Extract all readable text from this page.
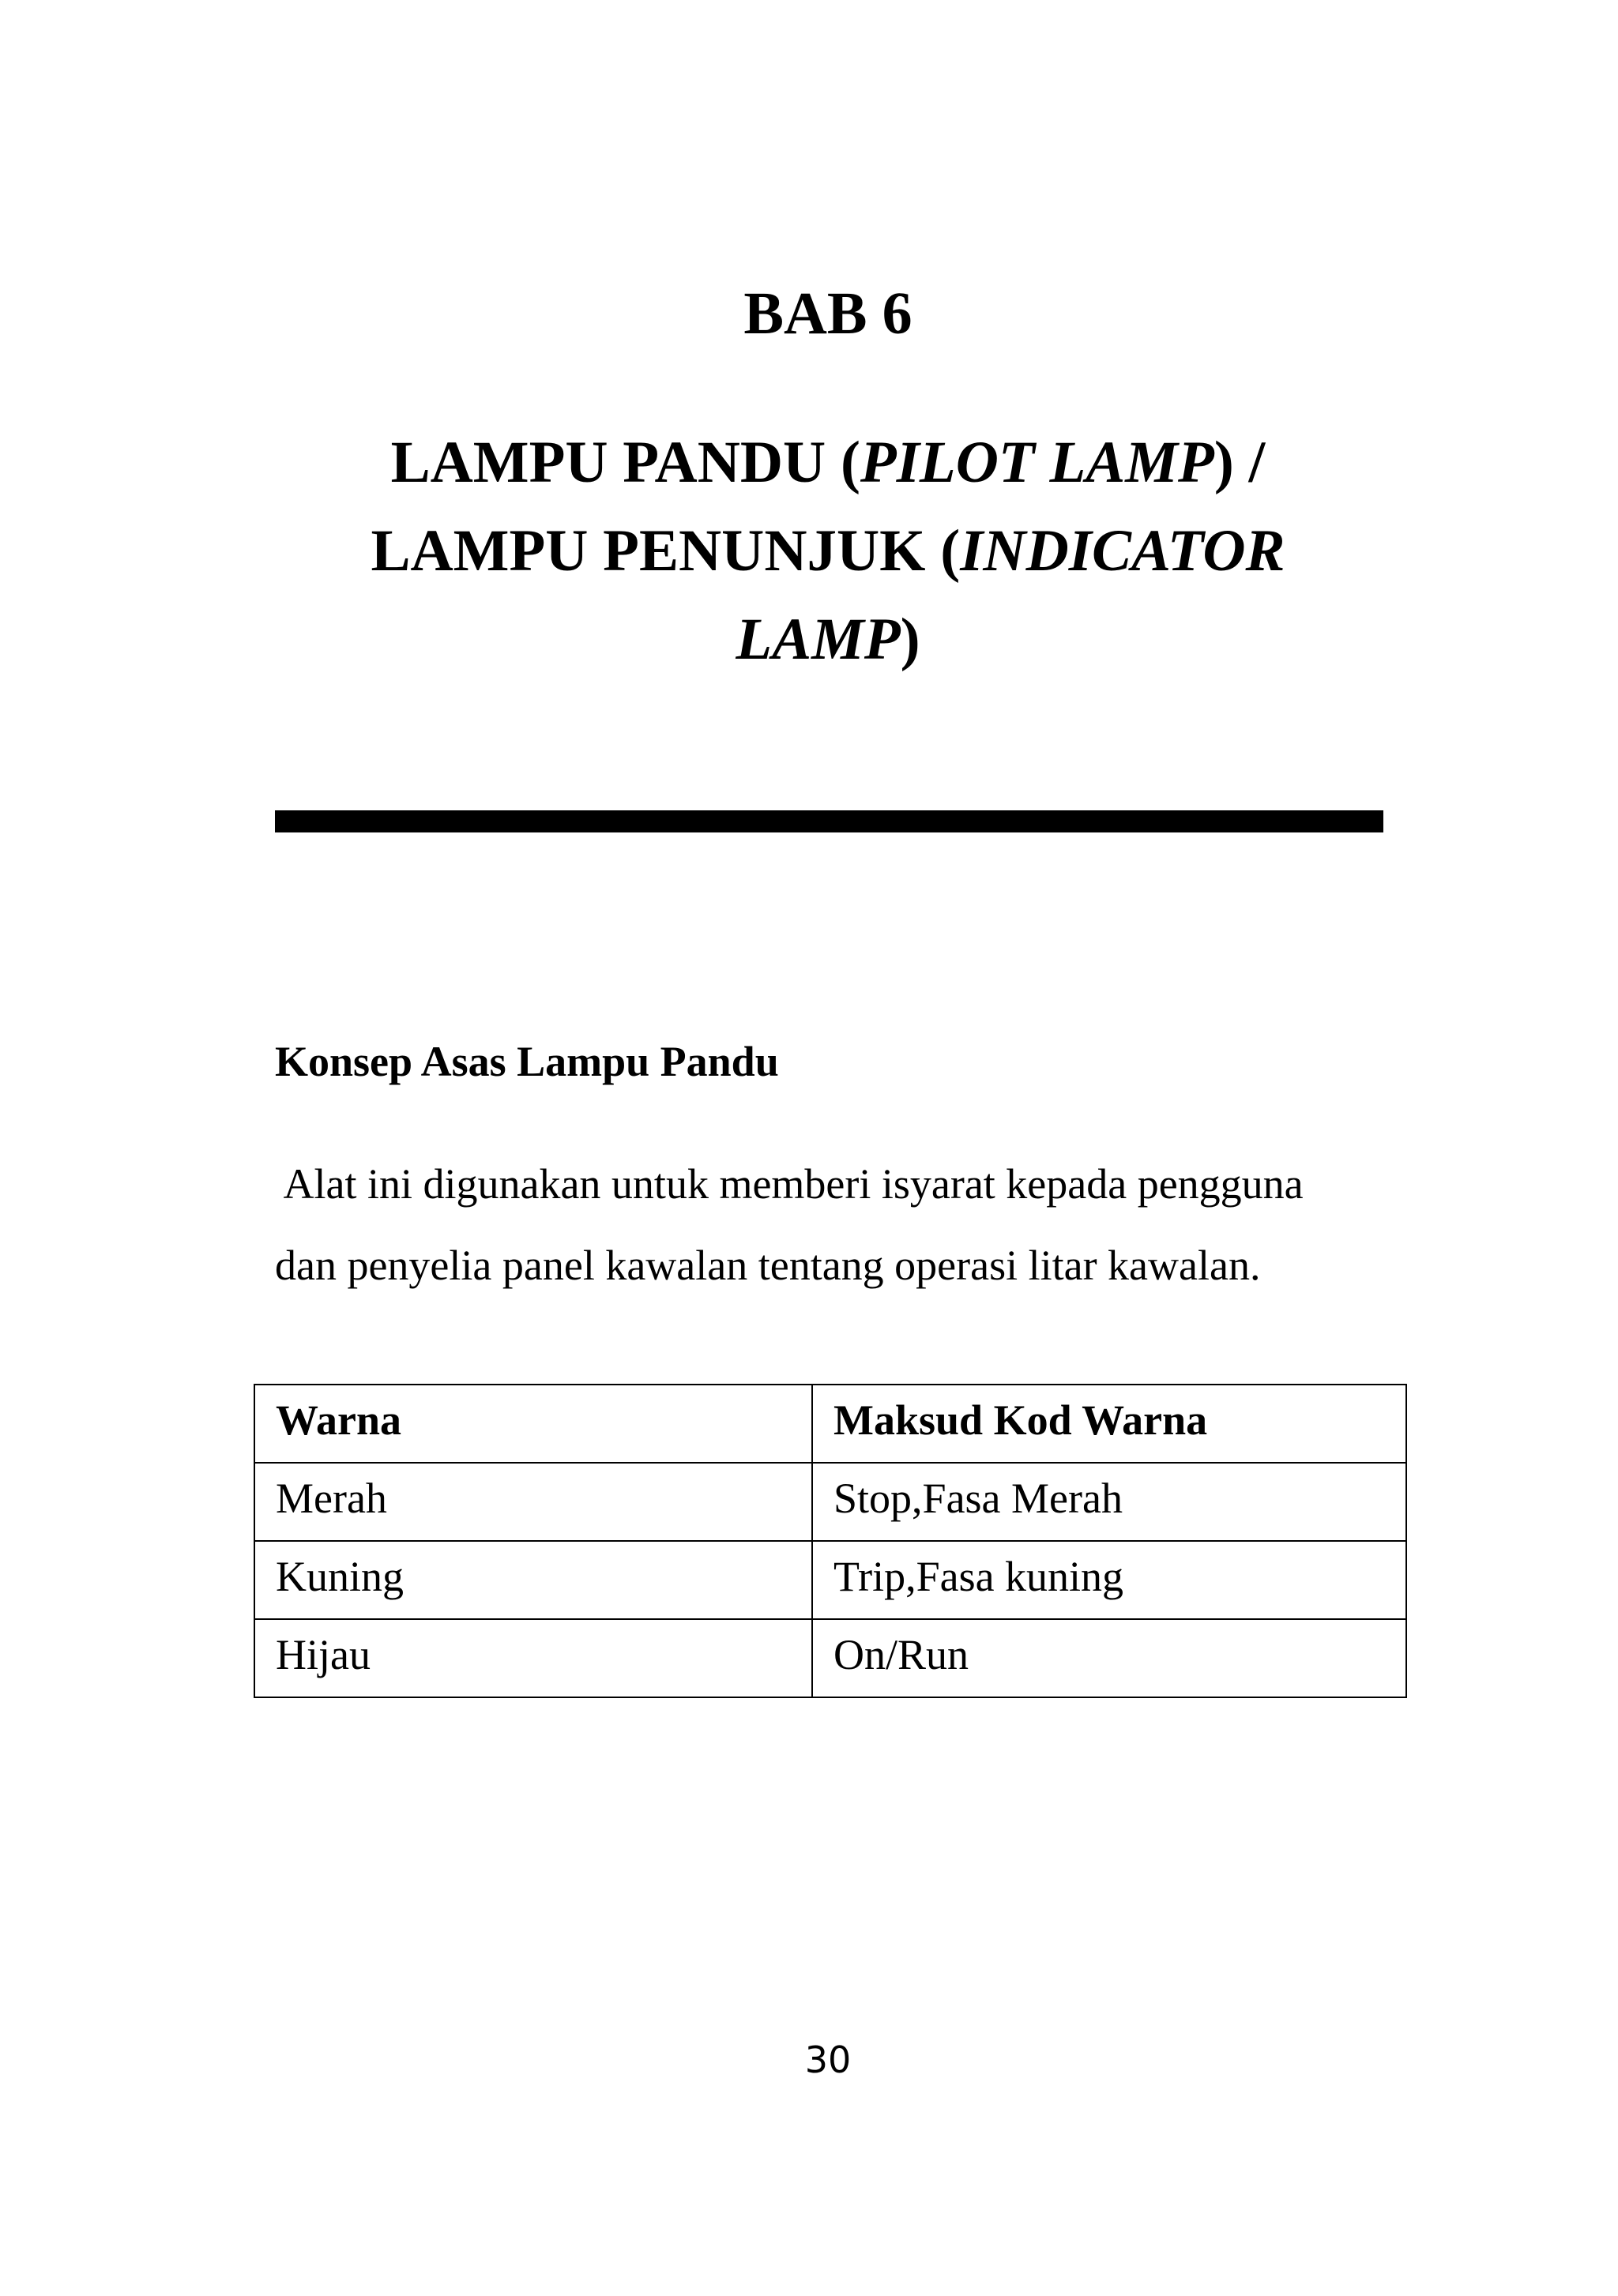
BAB 6
LAMPU PANDU (PILOT LAMP) /
LAMPU PENUNJUK (INDICATOR
LAMP)
Konsep Asas Lampu Pandu
Alat ini digunakan untuk memberi isyarat kepada pengguna
dan penyelia panel kawalan tentang operasi litar kawalan.
Warna	Maksud Kod Warna
Merah	Stop,Fasa Merah
Kuning	Trip,Fasa kuning
Hijau	On/Run
30
